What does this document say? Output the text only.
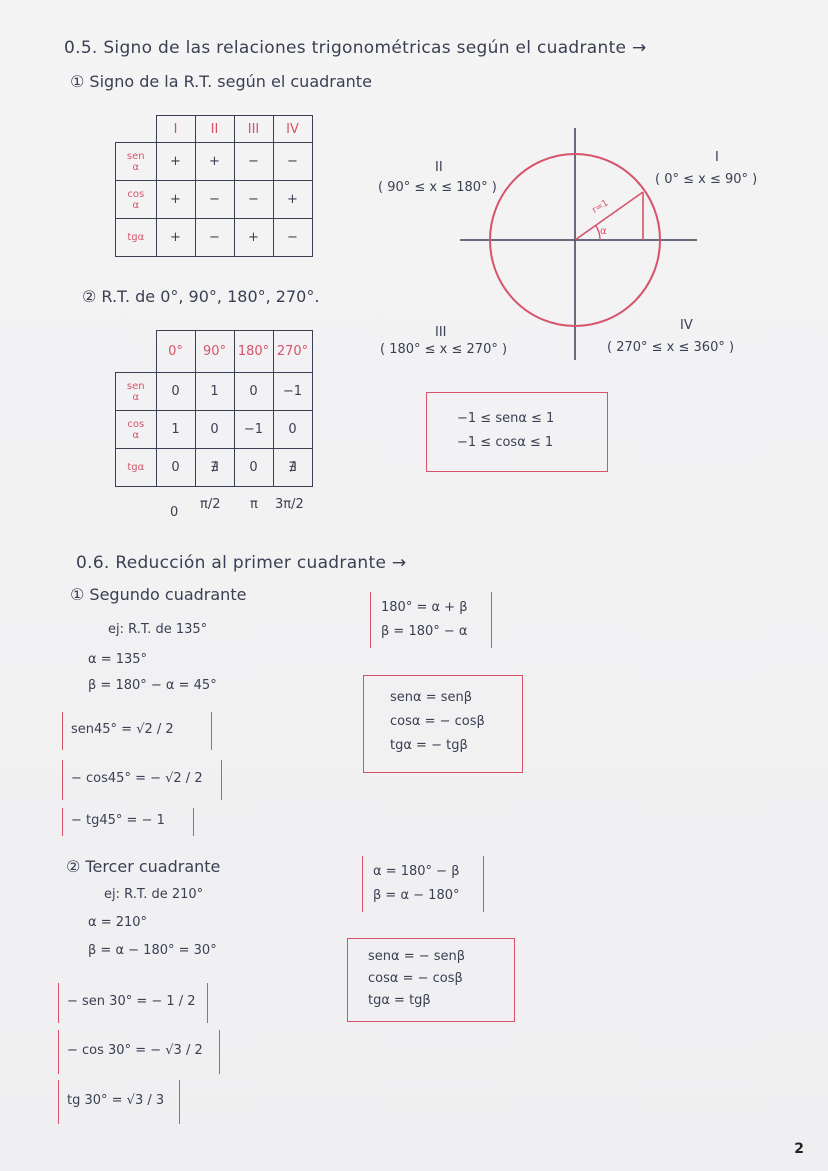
0.5. Signo de las relaciones trigonométricas según el cuadrante →
① Signo de la R.T. según el cuadrante
	I	II	III	IV
sen
α	+	+	−	−
cos
α	+	−	−	+
tgα	+	−	+	−
② R.T. de 0°, 90°, 180°, 270°.
	0°	90°	180°	270°
sen
α	0	1	0	−1
cos
α	1	0	−1	0
tgα	0	∄	0	∄
0
π/2 π 3π/2
r=1
α
II
( 90° ≤ x ≤ 180° )
I
( 0° ≤ x ≤ 90° )
III
( 180° ≤ x ≤ 270° )
IV
( 270° ≤ x ≤ 360° )
−1 ≤ senα ≤ 1
−1 ≤ cosα ≤ 1
0.6. Reducción al primer cuadrante →
① Segundo cuadrante
ej: R.T. de 135°
α = 135°
β = 180° − α = 45°
180° = α + β
β = 180° − α
senα = senβ
cosα = − cosβ
tgα = − tgβ
sen45° = √2 / 2
− cos45° = − √2 / 2
− tg45° = − 1
② Tercer cuadrante
ej: R.T. de 210°
α = 210°
β = α − 180° = 30°
α = 180° − β
β = α − 180°
senα = − senβ
cosα = − cosβ
tgα = tgβ
− sen 30° = − 1 / 2
− cos 30° = − √3 / 2
tg 30° = √3 / 3
2
